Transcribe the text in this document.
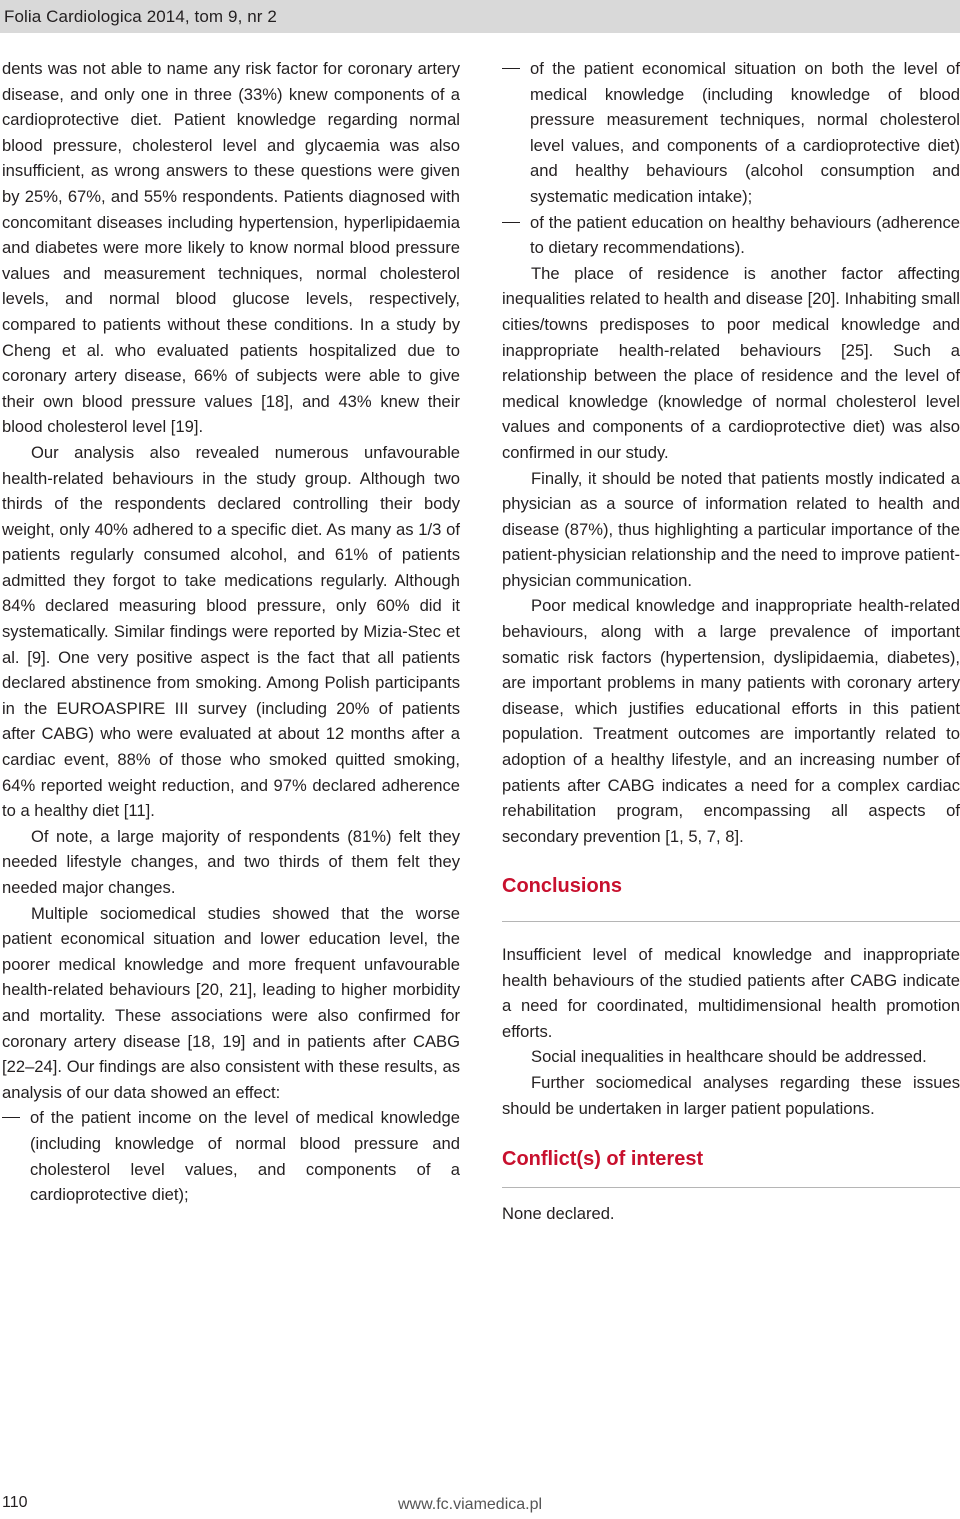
Folia Cardiologica 2014, tom 9, nr 2

dents was not able to name any risk factor for coronary artery disease, and only one in three (33%) knew components of a cardioprotective diet. Patient knowledge regarding normal blood pressure, cholesterol level and glycaemia was also insufficient, as wrong answers to these questions were given by 25%, 67%, and 55% respondents. Patients diagnosed with concomitant diseases including hypertension, hyperlipidaemia and diabetes were more likely to know normal blood pressure values and measurement techniques, normal cholesterol levels, and normal blood glucose levels, respectively, compared to patients without these conditions. In a study by Cheng et al. who evaluated patients hospitalized due to coronary artery disease, 66% of subjects were able to give their own blood pressure values [18], and 43% knew their blood cholesterol level [19].

Our analysis also revealed numerous unfavourable health-related behaviours in the study group. Although two thirds of the respondents declared controlling their body weight, only 40% adhered to a specific diet. As many as 1/3 of patients regularly consumed alcohol, and 61% of patients admitted they forgot to take medications regularly. Although 84% declared measuring blood pressure, only 60% did it systematically. Similar findings were reported by Mizia-Stec et al. [9]. One very positive aspect is the fact that all patients declared abstinence from smoking. Among Polish participants in the EUROASPIRE III survey (including 20% of patients after CABG) who were evaluated at about 12 months after a cardiac event, 88% of those who smoked quitted smoking, 64% reported weight reduction, and 97% declared adherence to a healthy diet [11].

Of note, a large majority of respondents (81%) felt they needed lifestyle changes, and two thirds of them felt they needed major changes.

Multiple sociomedical studies showed that the worse patient economical situation and lower education level, the poorer medical knowledge and more frequent unfavourable health-related behaviours [20, 21], leading to higher morbidity and mortality. These associations were also confirmed for coronary artery disease [18, 19] and in patients after CABG [22–24]. Our findings are also consistent with these results, as analysis of our data showed an effect:

of the patient income on the level of medical knowledge (including knowledge of normal blood pressure and cholesterol level values, and components of a cardioprotective diet);
of the patient economical situation on both the level of medical knowledge (including knowledge of blood pressure measurement techniques, normal cholesterol level values, and components of a cardioprotective diet) and healthy behaviours (alcohol consumption and systematic medication intake);
of the patient education on healthy behaviours (adherence to dietary recommendations).

The place of residence is another factor affecting inequalities related to health and disease [20]. Inhabiting small cities/towns predisposes to poor medical knowledge and inappropriate health-related behaviours [25]. Such a relationship between the place of residence and the level of medical knowledge (knowledge of normal cholesterol level values and components of a cardioprotective diet) was also confirmed in our study.

Finally, it should be noted that patients mostly indicated a physician as a source of information related to health and disease (87%), thus highlighting a particular importance of the patient-physician relationship and the need to improve patient-physician communication.

Poor medical knowledge and inappropriate health-related behaviours, along with a large prevalence of important somatic risk factors (hypertension, dyslipidaemia, diabetes), are important problems in many patients with coronary artery disease, which justifies educational efforts in this patient population. Treatment outcomes are importantly related to adoption of a healthy lifestyle, and an increasing number of patients after CABG indicates a need for a complex cardiac rehabilitation program, encompassing all aspects of secondary prevention [1, 5, 7, 8].

Conclusions

Insufficient level of medical knowledge and inappropriate health behaviours of the studied patients after CABG indicate a need for coordinated, multidimensional health promotion efforts.

Social inequalities in healthcare should be addressed.

Further sociomedical analyses regarding these issues should be undertaken in larger patient populations.

Conflict(s) of interest

None declared.

110	www.fc.viamedica.pl
